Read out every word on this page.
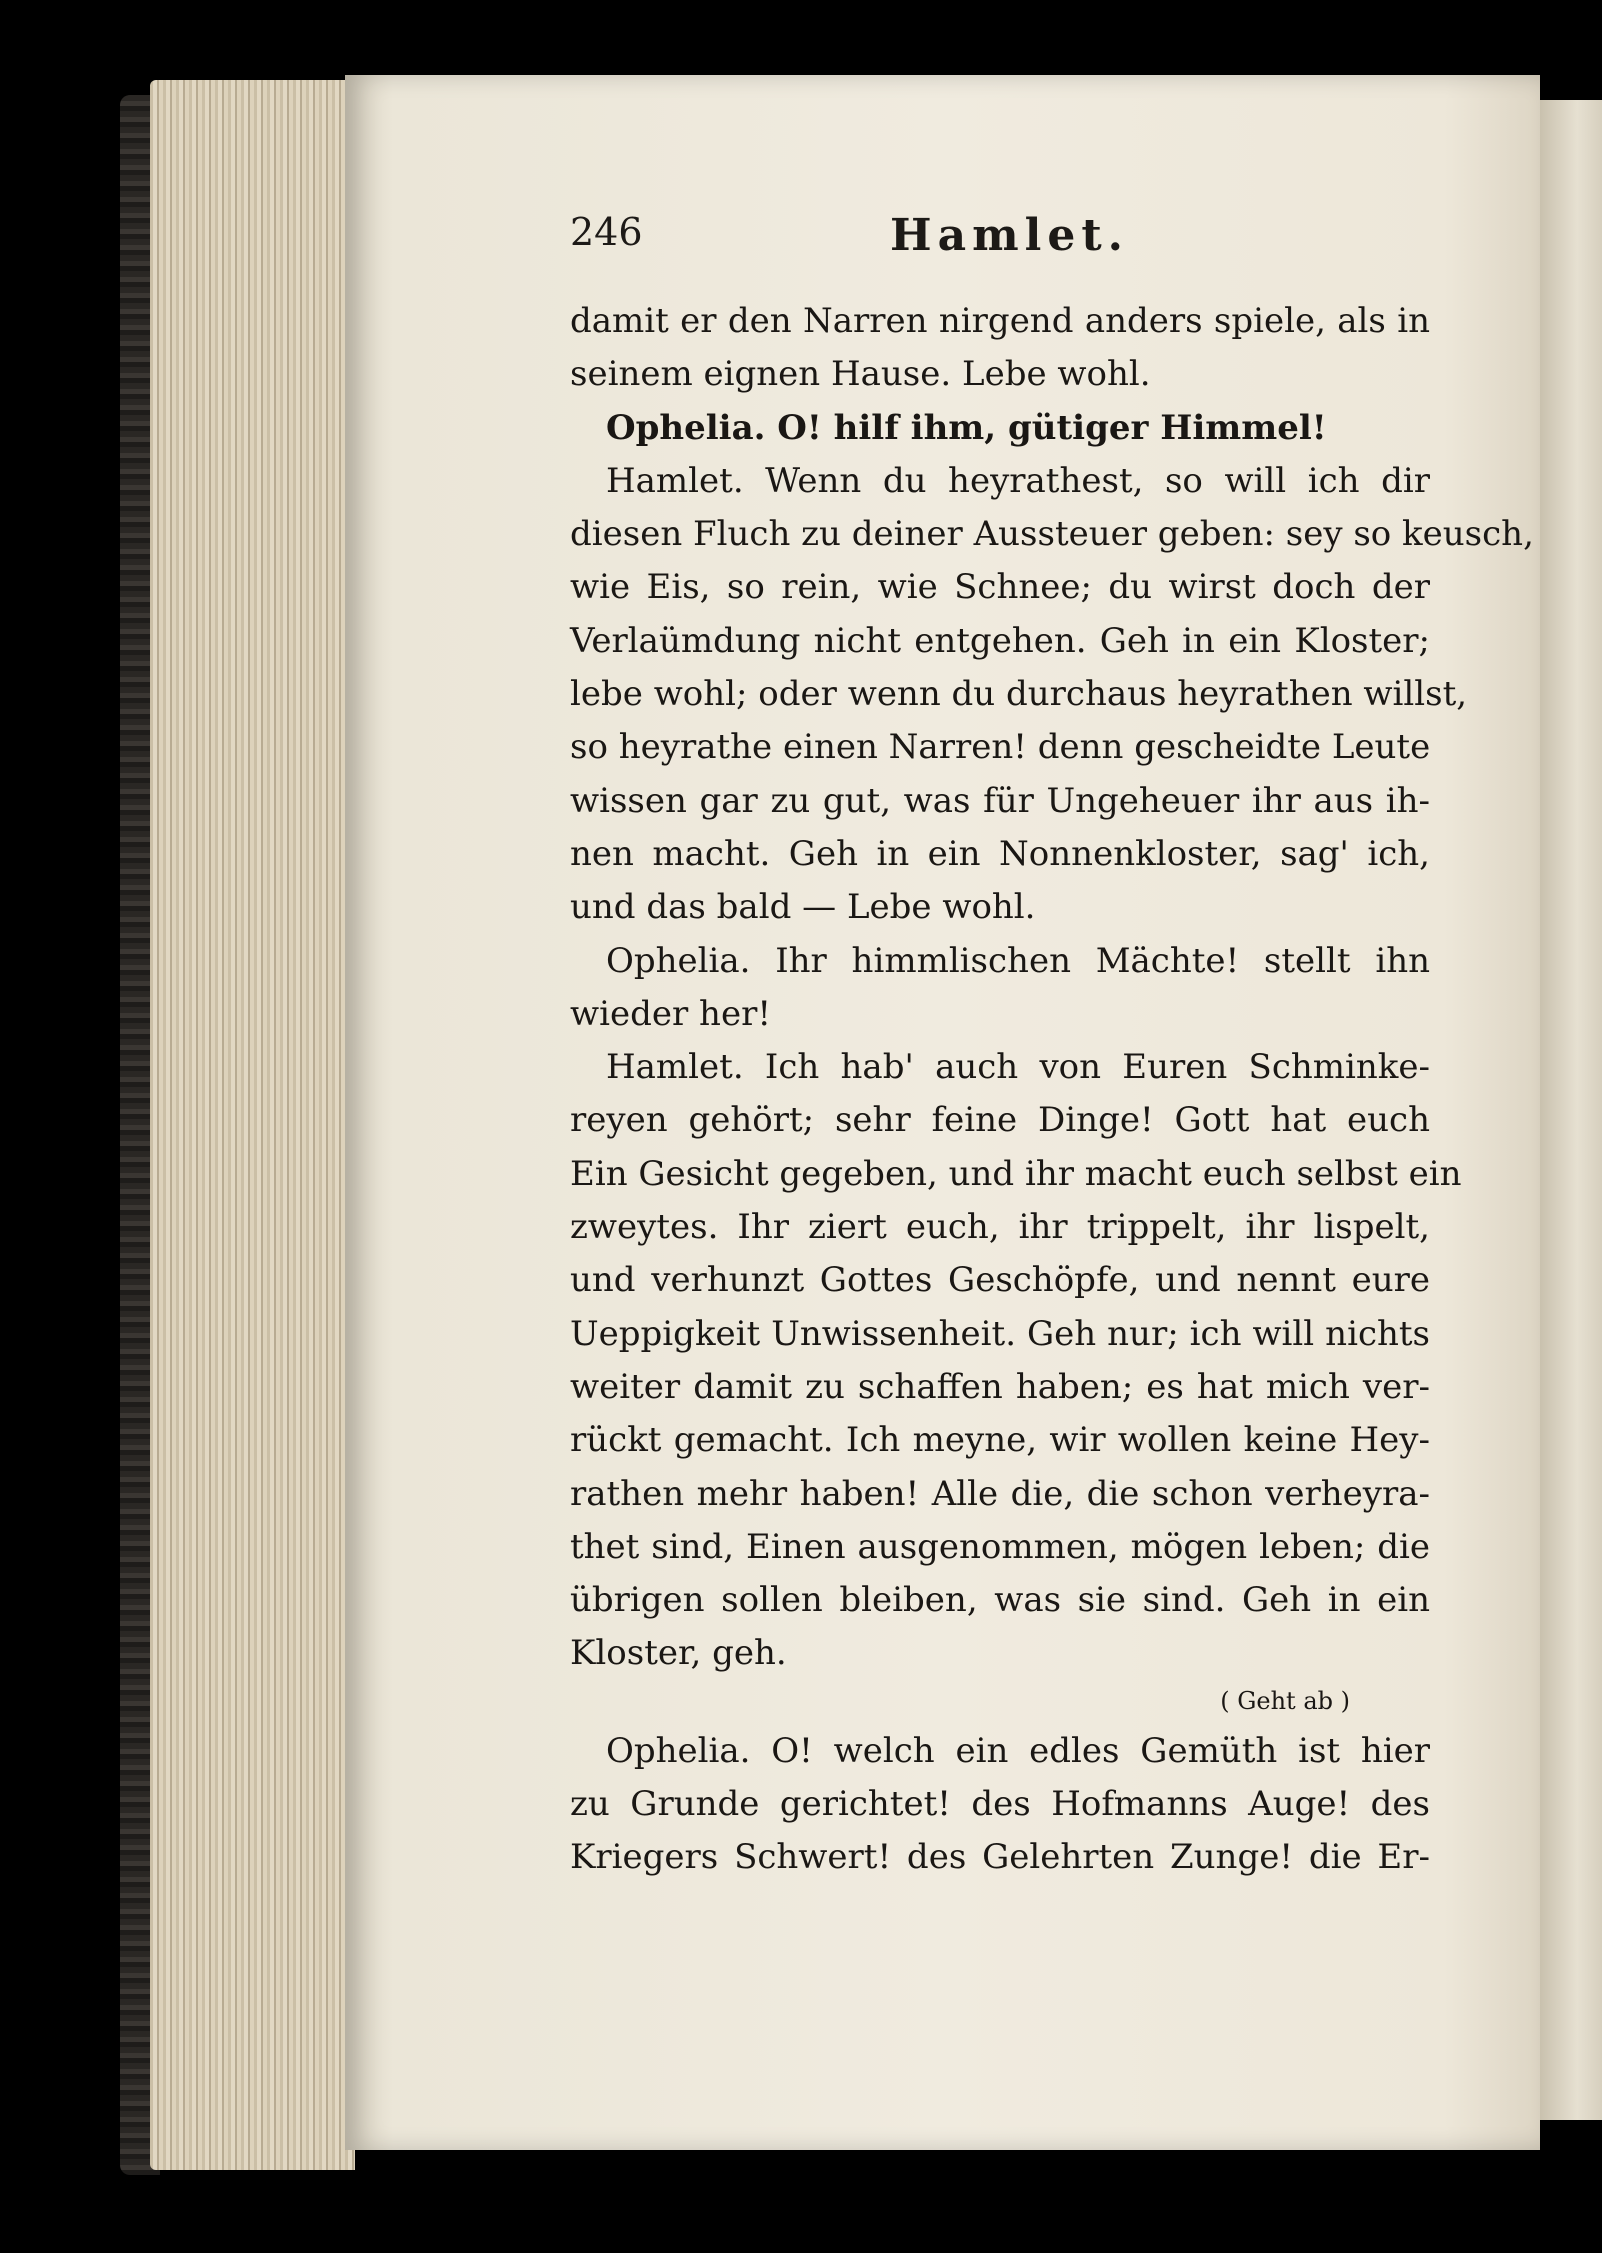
246	Hamlet.
damit er den Narren nirgend anders spiele, als in
seinem eignen Hause. Lebe wohl.
Ophelia. O! hilf ihm, gütiger Himmel!
Hamlet. Wenn du heyrathest, so will ich dir
diesen Fluch zu deiner Aussteuer geben: sey so keusch,
wie Eis, so rein, wie Schnee; du wirst doch der
Verlaümdung nicht entgehen. Geh in ein Kloster;
lebe wohl; oder wenn du durchaus heyrathen willst,
so heyrathe einen Narren! denn gescheidte Leute
wissen gar zu gut, was für Ungeheuer ihr aus ih-
nen macht. Geh in ein Nonnenkloster, sag' ich,
und das bald — Lebe wohl.
Ophelia. Ihr himmlischen Mächte! stellt ihn
wieder her!
Hamlet. Ich hab' auch von Euren Schminke-
reyen gehört; sehr feine Dinge! Gott hat euch
Ein Gesicht gegeben, und ihr macht euch selbst ein
zweytes. Ihr ziert euch, ihr trippelt, ihr lispelt,
und verhunzt Gottes Geschöpfe, und nennt eure
Ueppigkeit Unwissenheit. Geh nur; ich will nichts
weiter damit zu schaffen haben; es hat mich ver-
rückt gemacht. Ich meyne, wir wollen keine Hey-
rathen mehr haben! Alle die, die schon verheyra-
thet sind, Einen ausgenommen, mögen leben; die
übrigen sollen bleiben, was sie sind. Geh in ein
Kloster, geh.
( Geht ab )
Ophelia. O! welch ein edles Gemüth ist hier
zu Grunde gerichtet! des Hofmanns Auge! des
Kriegers Schwert! des Gelehrten Zunge! die Er-
